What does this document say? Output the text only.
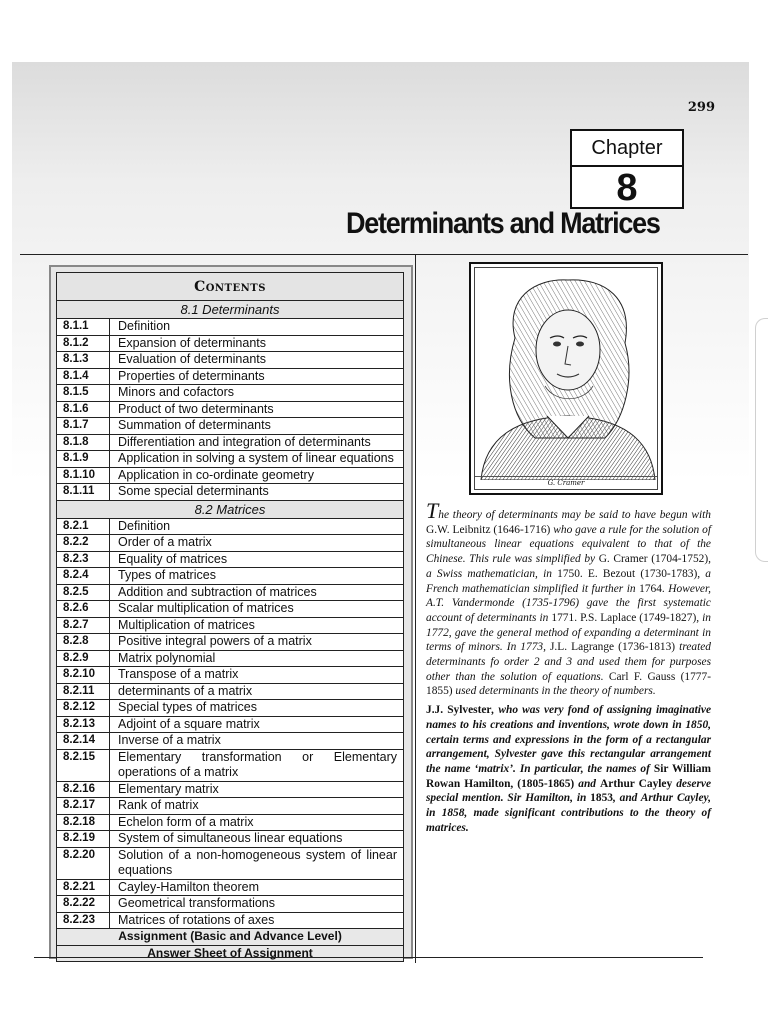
299
Chapter
8
Determinants and Matrices
Contents
8.1 Determinants
8.1.1	Definition
8.1.2	Expansion of determinants
8.1.3	Evaluation of determinants
8.1.4	Properties of determinants
8.1.5	Minors and cofactors
8.1.6	Product of two determinants
8.1.7	Summation of determinants
8.1.8	Differentiation and integration of determinants
8.1.9	Application in solving a system of linear equations
8.1.10	Application in co-ordinate geometry
8.1.11	Some special determinants
8.2 Matrices
8.2.1	Definition
8.2.2	Order of a matrix
8.2.3	Equality of matrices
8.2.4	Types of matrices
8.2.5	Addition and subtraction of matrices
8.2.6	Scalar multiplication of matrices
8.2.7	Multiplication of matrices
8.2.8	Positive integral powers of a matrix
8.2.9	Matrix polynomial
8.2.10	Transpose of a matrix
8.2.11	determinants of a matrix
8.2.12	Special types of matrices
8.2.13	Adjoint of a square matrix
8.2.14	Inverse of a matrix
8.2.15	Elementary transformation or Elementary operations of a matrix
8.2.16	Elementary matrix
8.2.17	Rank of matrix
8.2.18	Echelon form of a matrix
8.2.19	System of simultaneous linear equations
8.2.20	Solution of a non-homogeneous system of linear equations
8.2.21	Cayley-Hamilton theorem
8.2.22	Geometrical transformations
8.2.23	Matrices of rotations of axes
Assignment (Basic and Advance Level)
Answer Sheet of Assignment
G. Cramer

The theory of determinants may be said to have begun with G.W. Leibnitz (1646-1716) who gave a rule for the solution of simultaneous linear equations equivalent to that of the Chinese. This rule was simplified by G. Cramer (1704-1752), a Swiss mathematician, in 1750. E. Bezout (1730-1783), a French mathematician simplified it further in 1764. However, A.T. Vandermonde (1735-1796) gave the first systematic account of determinants in 1771. P.S. Laplace (1749-1827), in 1772, gave the general method of expanding a determinant in terms of minors. In 1773, J.L. Lagrange (1736-1813) treated determinants fo order 2 and 3 and used them for purposes other than the solution of equations. Carl F. Gauss (1777-1855) used determinants in the theory of numbers.

J.J. Sylvester, who was very fond of assigning imaginative names to his creations and inventions, wrote down in 1850, certain terms and expressions in the form of a rectangular arrangement, Sylvester gave this rectangular arrangement the name ‘matrix’. In particular, the names of Sir William Rowan Hamilton, (1805-1865) and Arthur Cayley deserve special mention. Sir Hamilton, in 1853, and Arthur Cayley, in 1858, made significant contributions to the theory of matrices.
